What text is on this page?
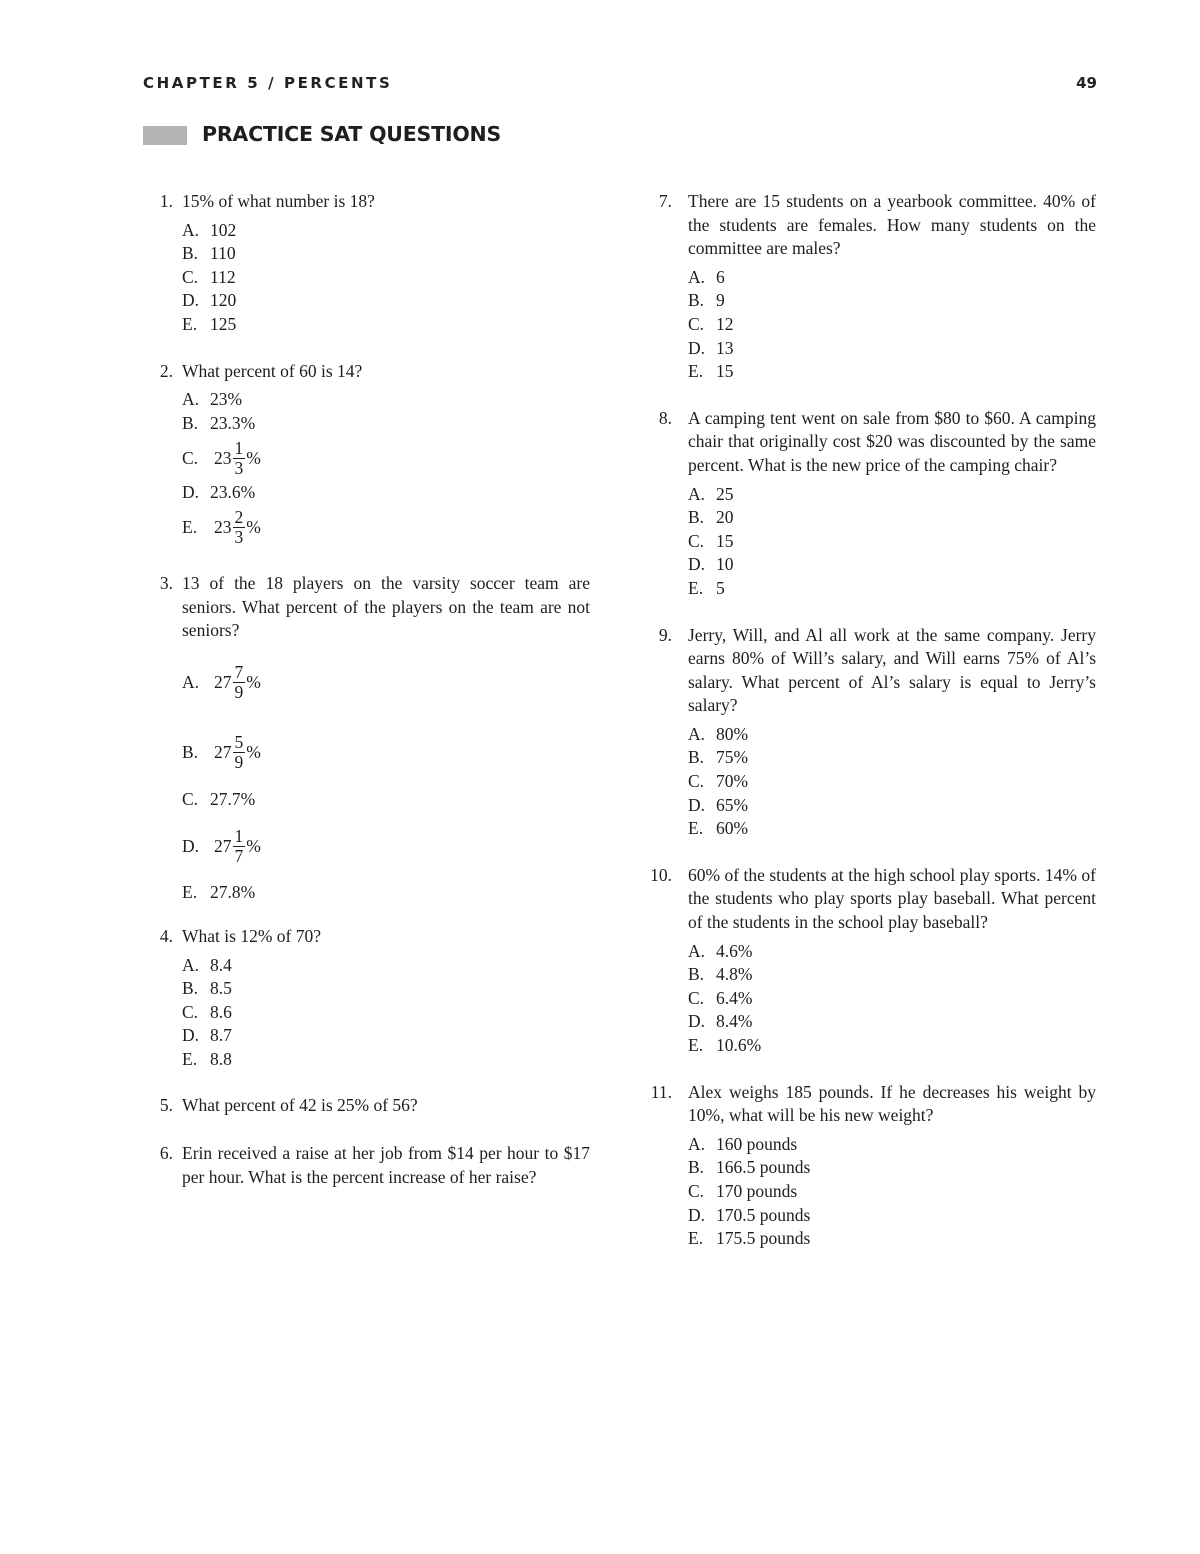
CHAPTER 5 / PERCENTS	49
PRACTICE SAT QUESTIONS
1. 15% of what number is 18?
A. 102
B. 110
C. 112
D. 120
E. 125
2. What percent of 60 is 14?
A. 23%
B. 23.3%
C. $23 \frac{1}{3}$ %
D. 23.6%
E. $23 \frac{2}{3}$ %
3. 13 of the 18 players on the varsity soccer team are seniors. What percent of the players on the team are not seniors?
A. $27 \frac{7}{9}$ %
B. $27 \frac{5}{9}$ %
C. 27.7%
D. $27 \frac{1}{7}$ %
E. 27.8%
4. What is 12% of 70?
A. 8.4
B. 8.5
C. 8.6
D. 8.7
E. 8.8
5. What percent of 42 is 25% of 56?
6. Erin received a raise at her job from $14 per hour to $17 per hour. What is the percent increase of her raise?
7. There are 15 students on a yearbook committee. 40% of the students are females. How many students on the committee are males?
A. 6
B. 9
C. 12
D. 13
E. 15
8. A camping tent went on sale from $80 to $60. A camping chair that originally cost $20 was discounted by the same percent. What is the new price of the camping chair?
A. 25
B. 20
C. 15
D. 10
E. 5
9. Jerry, Will, and Al all work at the same company. Jerry earns 80% of Will’s salary, and Will earns 75% of Al’s salary. What percent of Al’s salary is equal to Jerry’s salary?
A. 80%
B. 75%
C. 70%
D. 65%
E. 60%
10. 60% of the students at the high school play sports. 14% of the students who play sports play baseball. What percent of the students in the school play baseball?
A. 4.6%
B. 4.8%
C. 6.4%
D. 8.4%
E. 10.6%
11. Alex weighs 185 pounds. If he decreases his weight by 10%, what will be his new weight?
A. 160 pounds
B. 166.5 pounds
C. 170 pounds
D. 170.5 pounds
E. 175.5 pounds
